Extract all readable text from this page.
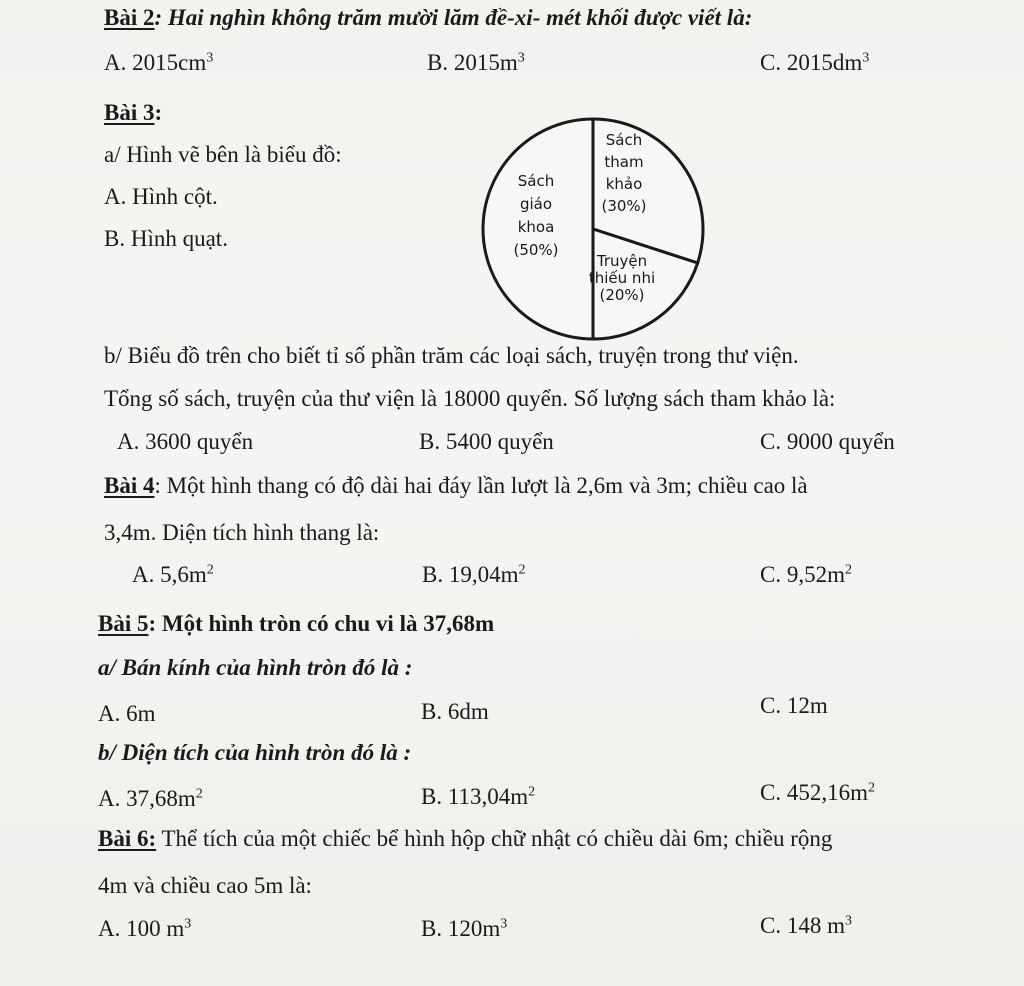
Bài 2: Hai nghìn không trăm mười lăm đề-xi- mét khối được viết là:
A. $2015cm^3$	B. $2015m^3$	C. $2015dm^3$
Bài 3:
a/ Hình vẽ bên là biểu đồ:
A. Hình cột.
B. Hình quạt.
Sách tham khảo (30%)
Truyện thiếu nhi (20%)
Sách giáo khoa (50%)
b/ Biểu đồ trên cho biết tỉ số phần trăm các loại sách, truyện trong thư viện.
Tổng số sách, truyện của thư viện là 18000 quyển. Số lượng sách tham khảo là:
A. 3600 quyển	B. 5400 quyển	C. 9000 quyển
Bài 4: Một hình thang có độ dài hai đáy lần lượt là 2,6m và 3m; chiều cao là
3,4m. Diện tích hình thang là:
A. $5,6m^2$	B. $19,04m^2$	C. $9,52m^2$
Bài 5: Một hình tròn có chu vi là 37,68m
a/ Bán kính của hình tròn đó là :
A. 6m	B. 6dm	C. 12m
b/ Diện tích của hình tròn đó là :
A. $37,68m^2$	B. $113,04m^2$	C. $452,16m^2$
Bài 6: Thể tích của một chiếc bể hình hộp chữ nhật có chiều dài 6m; chiều rộng
4m và chiều cao 5m là:
A. 100 $m^3$	B. $120m^3$	C. 148 $m^3$
